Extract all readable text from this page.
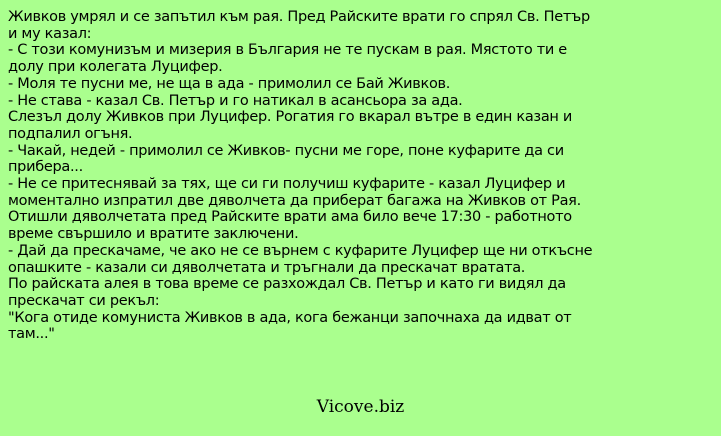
Живков умрял и се запътил към рая. Пред Райските врати го спрял Св. Петър
и му казал:
- С този комунизъм и мизерия в България не те пускам в рая. Мястото ти е
долу при колегата Луцифер.
- Моля те пусни ме, не ща в ада - примолил се Бай Живков.
- Не става - казал Св. Петър и го натикал в асансьора за ада.
Слезъл долу Живков при Луцифер. Рогатия го вкарал вътре в един казан и
подпалил огъня.
- Чакай, недей - примолил се Живков- пусни ме горе, поне куфарите да си
прибера...
- Не се притеснявай за тях, ще си ги получиш куфарите - казал Луцифер и
моментално изпратил две дяволчета да приберат багажа на Живков от Рая.
Отишли дяволчетата пред Райските врати ама било вече 17:30 - работното
време свършило и вратите заключени.
- Дай да прескачаме, че ако не се върнем с куфарите Луцифер ще ни откъсне
опашките - казали си дяволчетата и тръгнали да прескачат вратата.
По райската алея в това време се разхождал Св. Петър и като ги видял да
прескачат си рекъл:
"Кога отиде комуниста Живков в ада, кога бежанци започнаха да идват от
там..."
Vicove.biz
